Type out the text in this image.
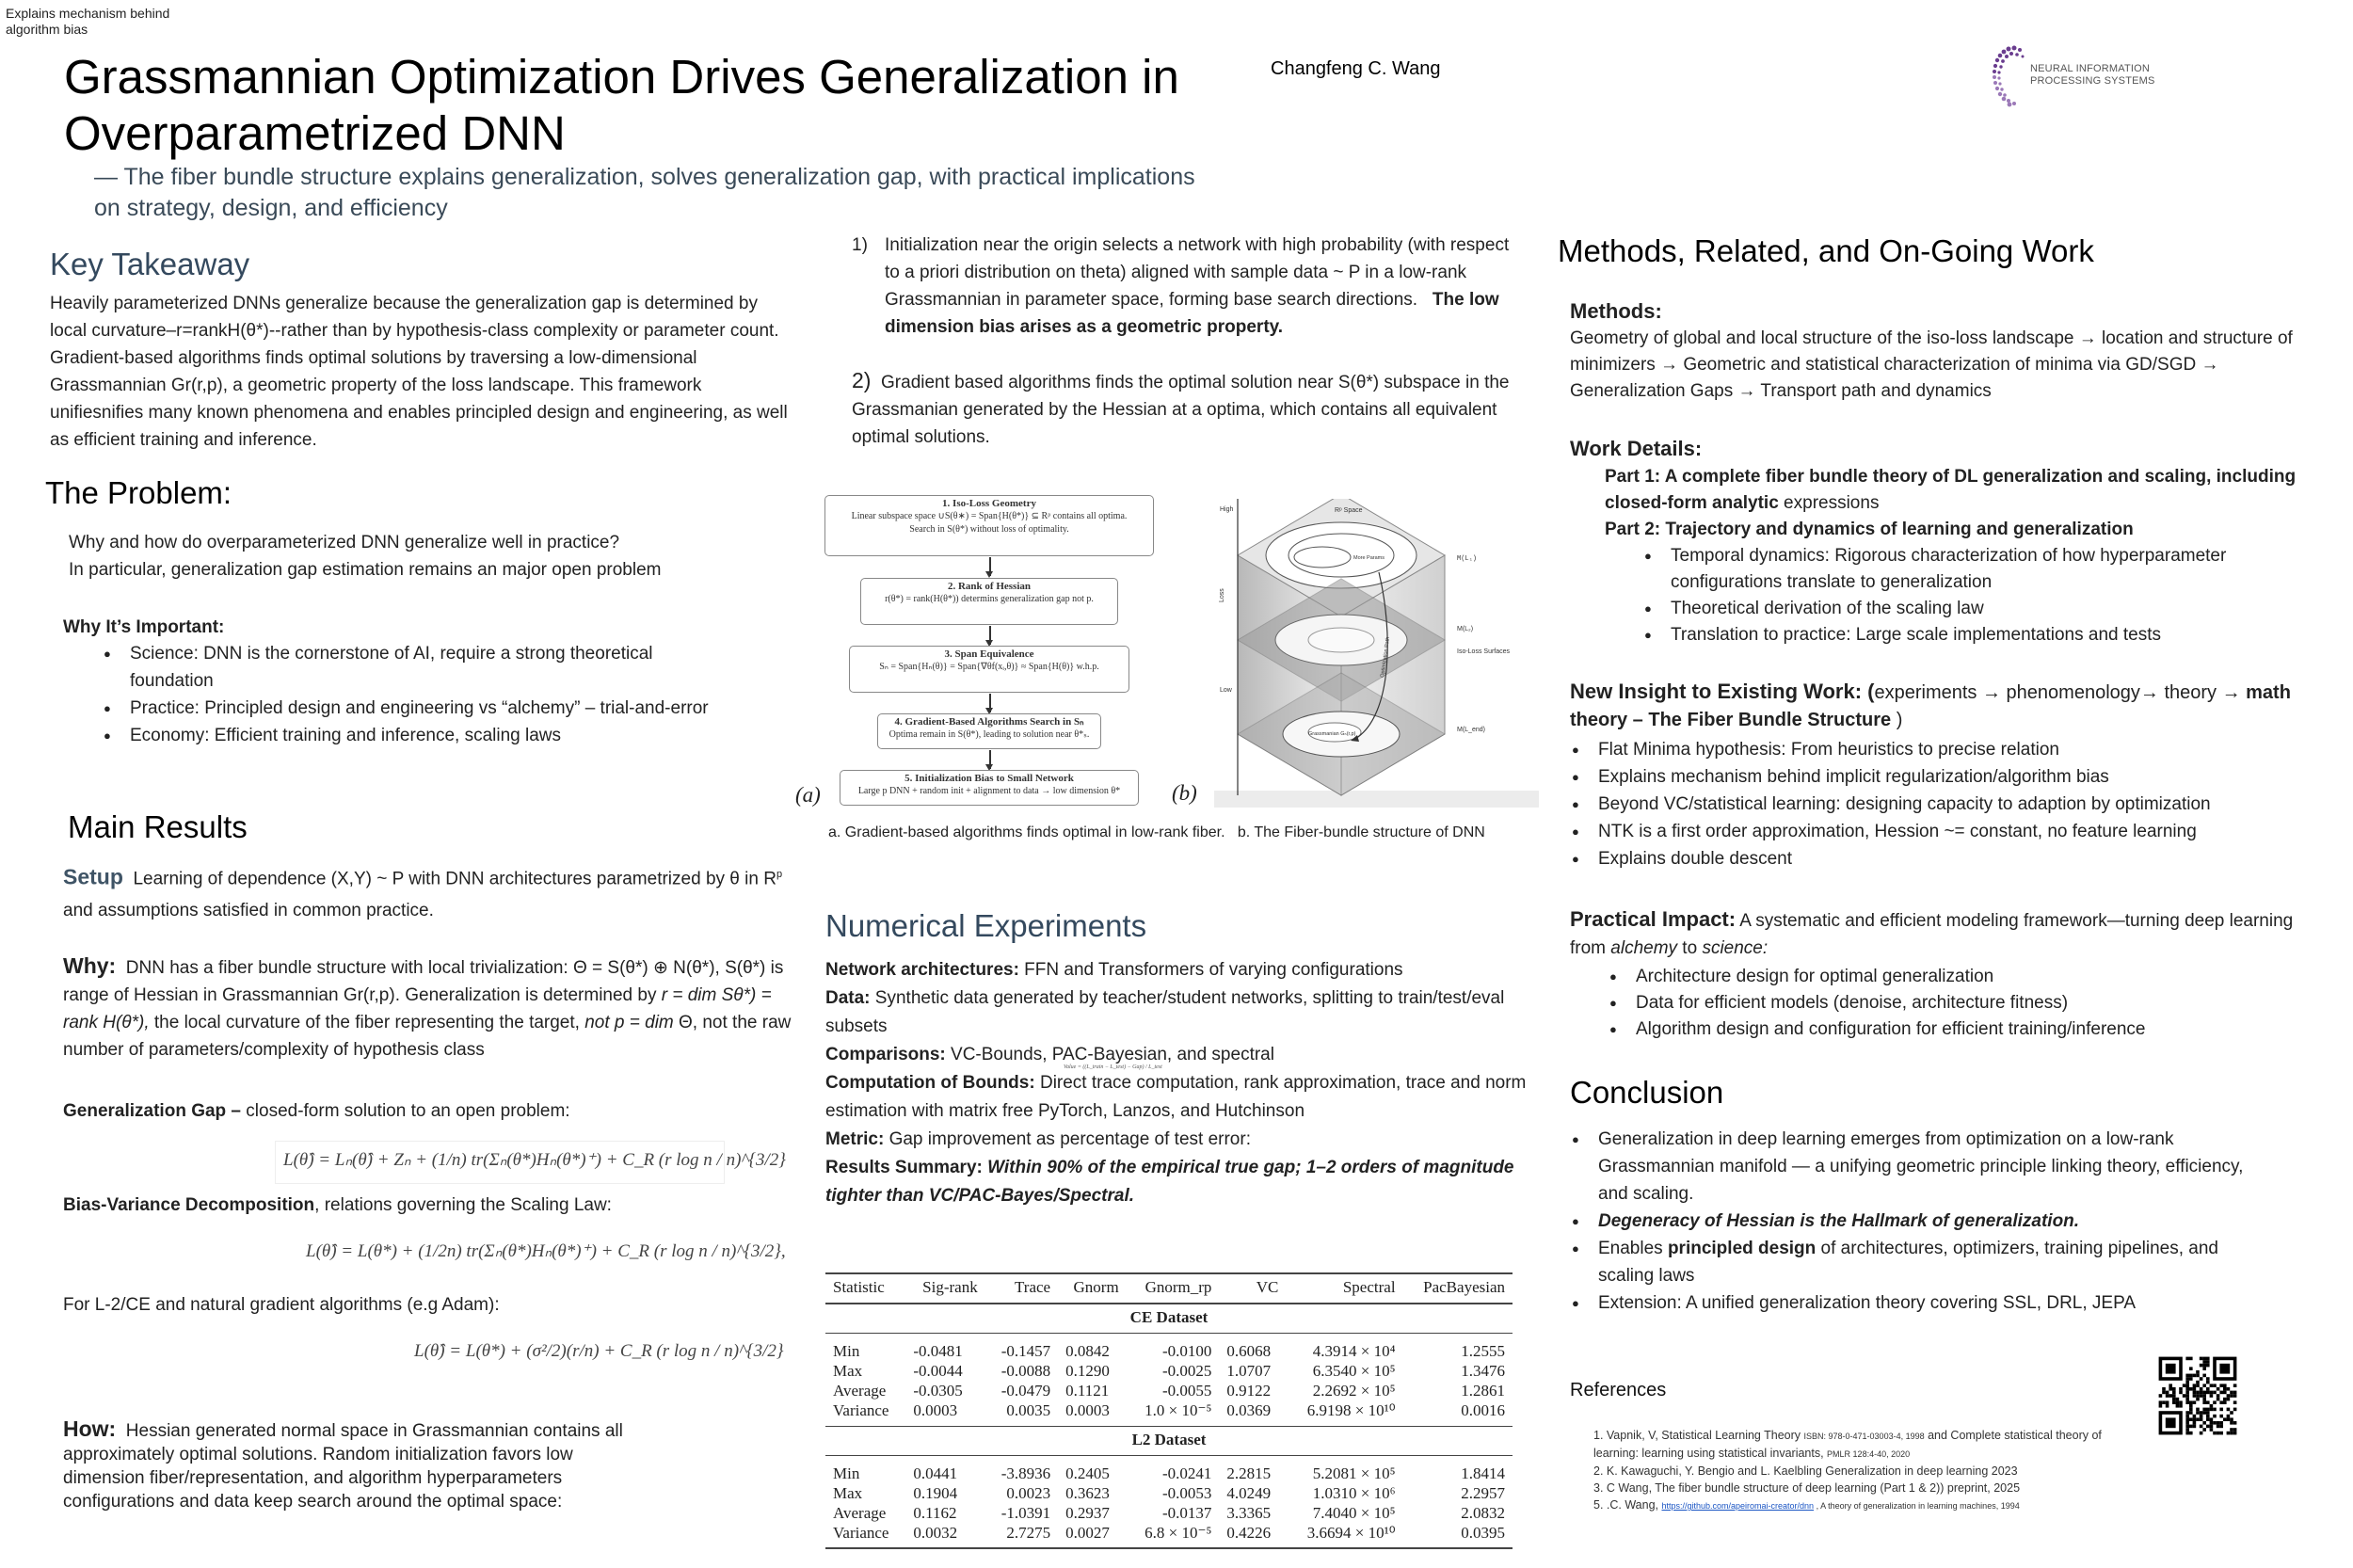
Explains mechanism behind algorithm bias
Grassmannian Optimization Drives Generalization in Overparametrized DNN
— The fiber bundle structure explains generalization, solves generalization gap, with practical implications on strategy, design, and efficiency
Changfeng C. Wang	NEURAL INFORMATION
PROCESSING SYSTEMS
Key Takeaway
Heavily parameterized DNNs generalize because the generalization gap is determined by local curvature–r=rankH(θ*)--rather than by hypothesis-class complexity or parameter count. Gradient-based algorithms finds optimal solutions by traversing a low-dimensional Grassmannian Gr(r,p), a geometric property of the loss landscape. This framework unifiesnifies many known phenomena and enables principled design and engineering, as well as efficient training and inference.
The Problem:
Why and how do overparameterized DNN generalize well in practice?
In particular, generalization gap estimation remains an major open problem
Why It’s Important:
● Science: DNN is the cornerstone of AI, require a strong theoretical foundation
● Practice: Principled design and engineering vs “alchemy” – trial-and-error
● Economy: Efficient training and inference, scaling laws
Main Results
Setup Learning of dependence (X,Y) ~ P with DNN architectures parametrized by θ in $R^p$ and assumptions satisfied in common practice.
Why: DNN has a fiber bundle structure with local trivialization: Θ = S(θ*) ⊕ N(θ*), S(θ*) is range of Hessian in Grassmannian Gr(r,p). Generalization is determined by r = dim Sθ*) = rank H(θ*), the local curvature of the fiber representing the target, not p = dim Θ, not the raw number of parameters/complexity of hypothesis class
Generalization Gap – closed-form solution to an open problem:
L(θ̂) = Lₙ(θ̂) + Zₙ + (1/n) tr(Σₙ(θ*)Hₙ(θ*)⁺) + C_R (r log n / n)^{3/2}
Bias-Variance Decomposition, relations governing the Scaling Law:
L(θ̂) = L(θ*) + (1/2n) tr(Σₙ(θ*)Hₙ(θ*)⁺) + C_R (r log n / n)^{3/2},
For L-2/CE and natural gradient algorithms (e.g Adam):
L(θ̂) = L(θ*) + (σ²/2)(r/n) + C_R (r log n / n)^{3/2}
How: Hessian generated normal space in Grassmannian contains all approximately optimal solutions. Random initialization favors low dimension fiber/representation, and algorithm hyperparameters configurations and data keep search around the optimal space:
1) Initialization near the origin selects a network with high probability (with respect to a priori distribution on theta) aligned with sample data ~ P in a low-rank Grassmannian in parameter space, forming base search directions. The low dimension bias arises as a geometric property.
2) Gradient based algorithms finds the optimal solution near S(θ*) subspace in the Grassmanian generated by the Hessian at a optima, which contains all equivalent optimal solutions.
1. Iso-Loss Geometry
Linear subspace space ∪S(θ∗) = Span{H(θ*)} ⊆ Rᵖ contains all optima.
Search in S(θ*) without loss of optimality.
2. Rank of Hessian
r(θ*) = rank(H(θ*)) determins generalization gap not p.
3. Span Equivalence
Sₙ = Span{Hₙ(θ)} = Span{∇θf(xᵢ,θ)} ≈ Span{H(θ)} w.h.p.
4. Gradient-Based Algorithms Search in Sₙ
Optima remain in S(θ*), leading to solution near θ*ₛ.
5. Initialization Bias to Small Network
Large p DNN + random init + alignment to data → low dimension θ*
(a)	(b)
High
Low
Loss
Rᵖ Space
More Params	M(L₁)
M(L₂)
Iso-Loss Surfaces
M(L_end)
Optimization Path
Grassmanian Gₙ(r,p)
a. Gradient-based algorithms finds optimal in low-rank fiber. b. The Fiber-bundle structure of DNN
Numerical Experiments
Network architectures: FFN and Transformers of varying configurations
Data: Synthetic data generated by teacher/student networks, splitting to train/test/eval subsets
Comparisons: VC-Bounds, PAC-Bayesian, and spectral
Computation of Bounds: Direct trace computation, rank approximation, trace and norm estimation with matrix free PyTorch, Lanzos, and Hutchinson
Metric: Gap improvement as percentage of test error:
Results Summary: Within 90% of the empirical true gap; 1–2 orders of magnitude tighter than VC/PAC-Bayes/Spectral.
Value = ((L_train − L_test) − Gap) / L_test

Statistic	Sig-rank	Trace	Gnorm	Gnorm_rp	VC	Spectral	PacBayesian

CE Dataset							

Min	-0.0481	-0.1457	0.0842	-0.0100	0.6068	4.3914 × 10⁴	1.2555
Max	-0.0044	-0.0088	0.1290	-0.0025	1.0707	6.3540 × 10⁵	1.3476
Average	-0.0305	-0.0479	0.1121	-0.0055	0.9122	2.2692 × 10⁵	1.2861
Variance	0.0003	0.0035	0.0003	1.0 × 10⁻⁵	0.0369	6.9198 × 10¹⁰	0.0016

L2 Dataset							

Min	0.0441	-3.8936	0.2405	-0.0241	2.2815	5.2081 × 10⁵	1.8414
Max	0.1904	0.0023	0.3623	-0.0053	4.0249	1.0310 × 10⁶	2.2957
Average	0.1162	-1.0391	0.2937	-0.0137	3.3365	7.4040 × 10⁵	2.0832
Variance	0.0032	2.7275	0.0027	6.8 × 10⁻⁵	0.4226	3.6694 × 10¹⁰	0.0395

Methods, Related, and On-Going Work
Methods:
Geometry of global and local structure of the iso-loss landscape → location and structure of minimizers → Geometric and statistical characterization of minima via GD/SGD → Generalization Gaps → Transport path and dynamics
Work Details:
Part 1: A complete fiber bundle theory of DL generalization and scaling, including closed-form analytic expressions
Part 2: Trajectory and dynamics of learning and generalization
● Temporal dynamics: Rigorous characterization of how hyperparameter configurations translate to generalization
● Theoretical derivation of the scaling law
● Translation to practice: Large scale implementations and tests
New Insight to Existing Work: (experiments → phenomenology→ theory → math theory – The Fiber Bundle Structure )
● Flat Minima hypothesis: From heuristics to precise relation
● Explains mechanism behind implicit regularization/algorithm bias
● Beyond VC/statistical learning: designing capacity to adaption by optimization
● NTK is a first order approximation, Hession ~= constant, no feature learning
● Explains double descent
Practical Impact: A systematic and efficient modeling framework—turning deep learning from alchemy to science:
● Architecture design for optimal generalization
● Data for efficient models (denoise, architecture fitness)
● Algorithm design and configuration for efficient training/inference
Conclusion
● Generalization in deep learning emerges from optimization on a low-rank Grassmannian manifold — a unifying geometric principle linking theory, efficiency, and scaling.
● Degeneracy of Hessian is the Hallmark of generalization.
● Enables principled design of architectures, optimizers, training pipelines, and scaling laws
● Extension: A unified generalization theory covering SSL, DRL, JEPA
References
1. Vapnik, V, Statistical Learning Theory ISBN: 978-0-471-03003-4, 1998 and Complete statistical theory of learning: learning using statistical invariants, PMLR 128:4-40, 2020
2. K. Kawaguchi, Y. Bengio and L. Kaelbling Generalization in deep learning 2023
3. C Wang, The fiber bundle structure of deep learning (Part 1 & 2)) preprint, 2025
5. .C. Wang, https://github.com/apeiromai-creator/dnn , A theory of generalization in learning machines, 1994
